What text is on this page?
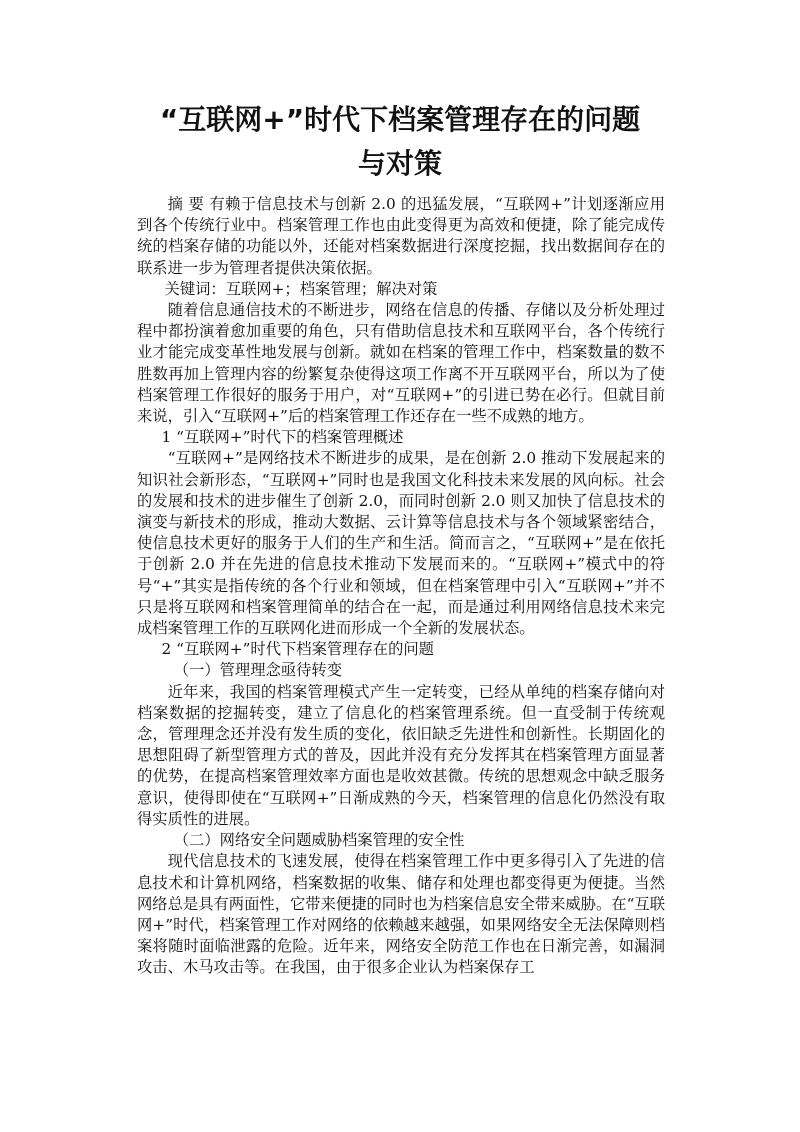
“互联网+”时代下档案管理存在的问题
与对策

摘 要 有赖于信息技术与创新 2.0 的迅猛发展，“互联网+”计划逐渐应用到各个传统行业中。档案管理工作也由此变得更为高效和便捷，除了能完成传统的档案存储的功能以外，还能对档案数据进行深度挖掘，找出数据间存在的联系进一步为管理者提供决策依据。

关键词：互联网+；档案管理；解决对策

随着信息通信技术的不断进步，网络在信息的传播、存储以及分析处理过程中都扮演着愈加重要的角色，只有借助信息技术和互联网平台，各个传统行业才能完成变革性地发展与创新。就如在档案的管理工作中，档案数量的数不胜数再加上管理内容的纷繁复杂使得这项工作离不开互联网平台，所以为了使档案管理工作很好的服务于用户，对“互联网+”的引进已势在必行。但就目前来说，引入“互联网+”后的档案管理工作还存在一些不成熟的地方。

1 “互联网+”时代下的档案管理概述

“互联网+”是网络技术不断进步的成果，是在创新 2.0 推动下发展起来的知识社会新形态，“互联网+”同时也是我国文化科技未来发展的风向标。社会的发展和技术的进步催生了创新 2.0，而同时创新 2.0 则又加快了信息技术的演变与新技术的形成，推动大数据、云计算等信息技术与各个领域紧密结合，使信息技术更好的服务于人们的生产和生活。简而言之，“互联网+”是在依托于创新 2.0 并在先进的信息技术推动下发展而来的。“互联网+”模式中的符号“+”其实是指传统的各个行业和领域，但在档案管理中引入“互联网+”并不只是将互联网和档案管理简单的结合在一起，而是通过利用网络信息技术来完成档案管理工作的互联网化进而形成一个全新的发展状态。

2 “互联网+”时代下档案管理存在的问题

（一）管理理念亟待转变

近年来，我国的档案管理模式产生一定转变，已经从单纯的档案存储向对档案数据的挖掘转变，建立了信息化的档案管理系统。但一直受制于传统观念，管理理念还并没有发生质的变化，依旧缺乏先进性和创新性。长期固化的思想阻碍了新型管理方式的普及，因此并没有充分发挥其在档案管理方面显著的优势，在提高档案管理效率方面也是收效甚微。传统的思想观念中缺乏服务意识，使得即使在“互联网+”日渐成熟的今天，档案管理的信息化仍然没有取得实质性的进展。

（二）网络安全问题威胁档案管理的安全性

现代信息技术的飞速发展，使得在档案管理工作中更多得引入了先进的信息技术和计算机网络，档案数据的收集、储存和处理也都变得更为便捷。当然网络总是具有两面性，它带来便捷的同时也为档案信息安全带来威胁。在“互联网+”时代，档案管理工作对网络的依赖越来越强，如果网络安全无法保障则档案将随时面临泄露的危险。近年来，网络安全防范工作也在日渐完善，如漏洞攻击、木马攻击等。在我国，由于很多企业认为档案保存工
